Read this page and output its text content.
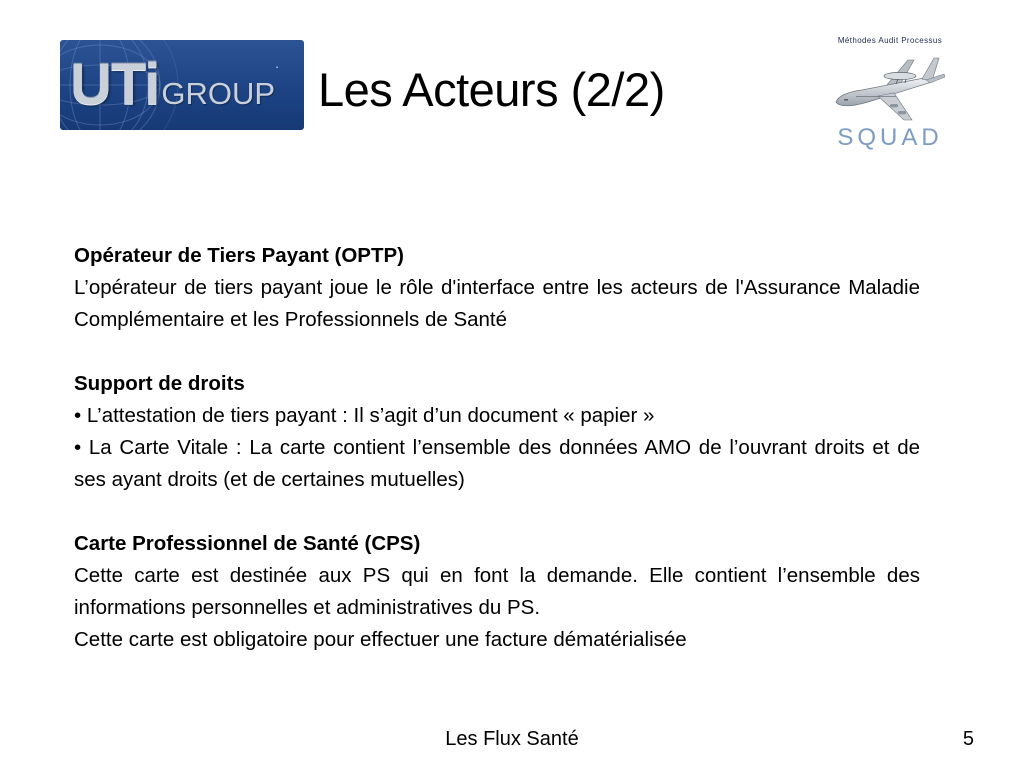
UTiGROUP. Les Acteurs (2/2)
Méthodes Audit Processus
SQUAD
Opérateur de Tiers Payant (OPTP)

L’opérateur de tiers payant joue le rôle d'interface entre les acteurs de l'Assurance Maladie Complémentaire et les Professionnels de Santé

Support de droits

• L’attestation de tiers payant : Il s’agit d’un document « papier »

• La Carte Vitale : La carte contient l’ensemble des données AMO de l’ouvrant droits et de ses ayant droits (et de certaines mutuelles)

Carte Professionnel de Santé (CPS)

Cette carte est destinée aux PS qui en font la demande. Elle contient l’ensemble des informations personnelles et administratives du PS.

Cette carte est obligatoire pour effectuer une facture dématérialisée

Les Flux Santé	5
